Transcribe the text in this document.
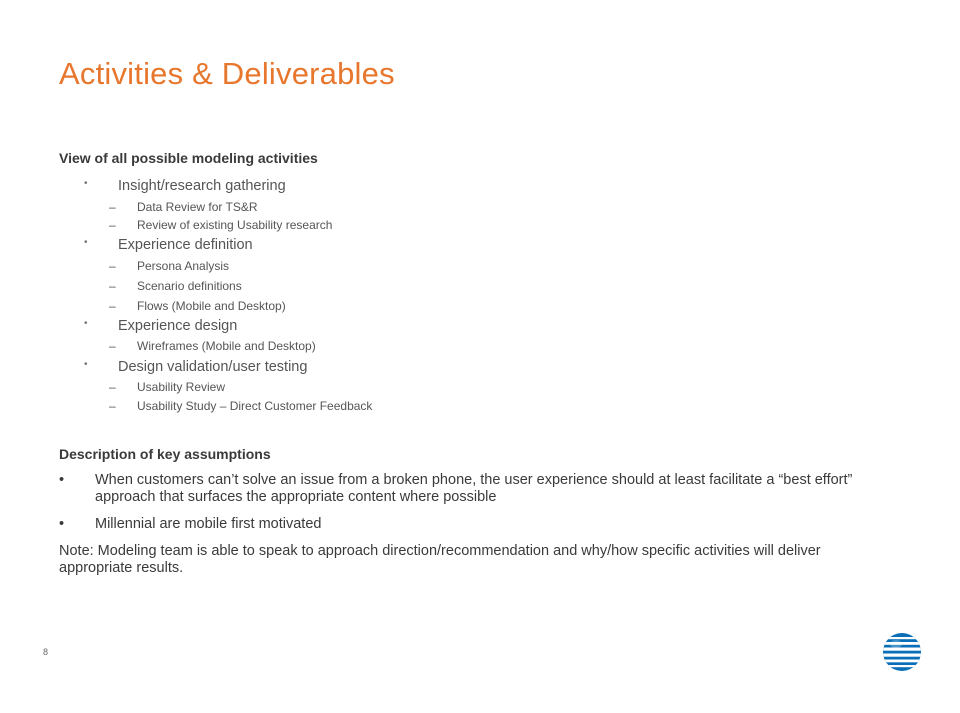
Activities & Deliverables
View of all possible modeling activities
• Insight/research gathering
– Data Review for TS&R
– Review of existing Usability research
• Experience definition
– Persona Analysis
– Scenario definitions
– Flows (Mobile and Desktop)
• Experience design
– Wireframes (Mobile and Desktop)
• Design validation/user testing
– Usability Review
– Usability Study – Direct Customer Feedback
Description of key assumptions
• When customers can’t solve an issue from a broken phone, the user experience should at least facilitate a “best effort” approach that surfaces the appropriate content where possible
• Millennial are mobile first motivated
Note: Modeling team is able to speak to approach direction/recommendation and why/how specific activities will deliver appropriate results.
8
